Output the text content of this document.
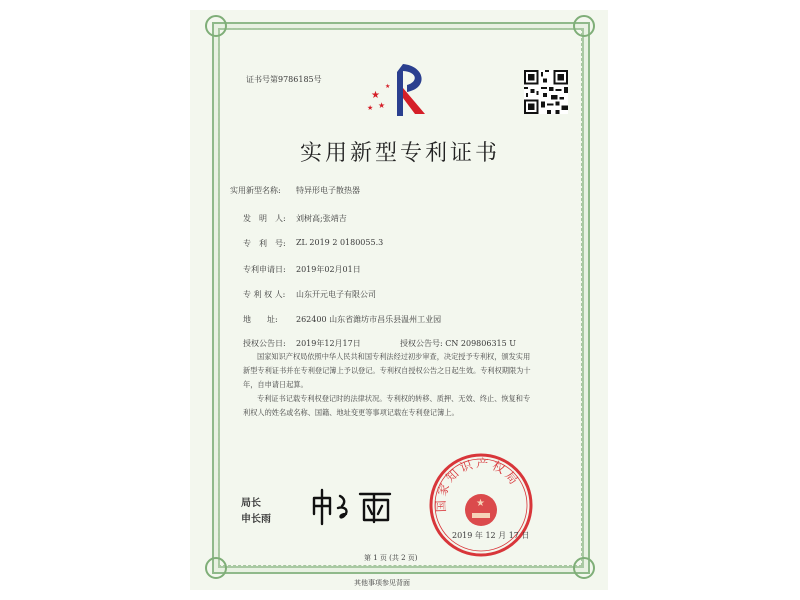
证书号第9786185号
★
★
★
★
实用新型专利证书
实用新型名称: 特异形电子散热器
发　明　人: 刘树高;张靖吉
专　利　号: ZL 2019 2 0180055.3
专利申请日: 2019年02月01日
专 利 权 人: 山东开元电子有限公司
地　　址: 262400 山东省潍坊市昌乐县温州工业园
授权公告日: 2019年12月17日	授权公告号: CN 209806315 U
国家知识产权局依照中华人民共和国专利法经过初步审查，决定授予专利权，颁发实用
新型专利证书并在专利登记簿上予以登记。专利权自授权公告之日起生效。专利权期限为十
年，自申请日起算。
专利证书记载专利权登记时的法律状况。专利权的转移、质押、无效、终止、恢复和专
利权人的姓名或名称、国籍、地址变更等事项记载在专利登记簿上。
局长
申长雨
国家知识产权局
★
2019 年 12 月 17 日
第 1 页 (共 2 页)
其他事项参见背面
